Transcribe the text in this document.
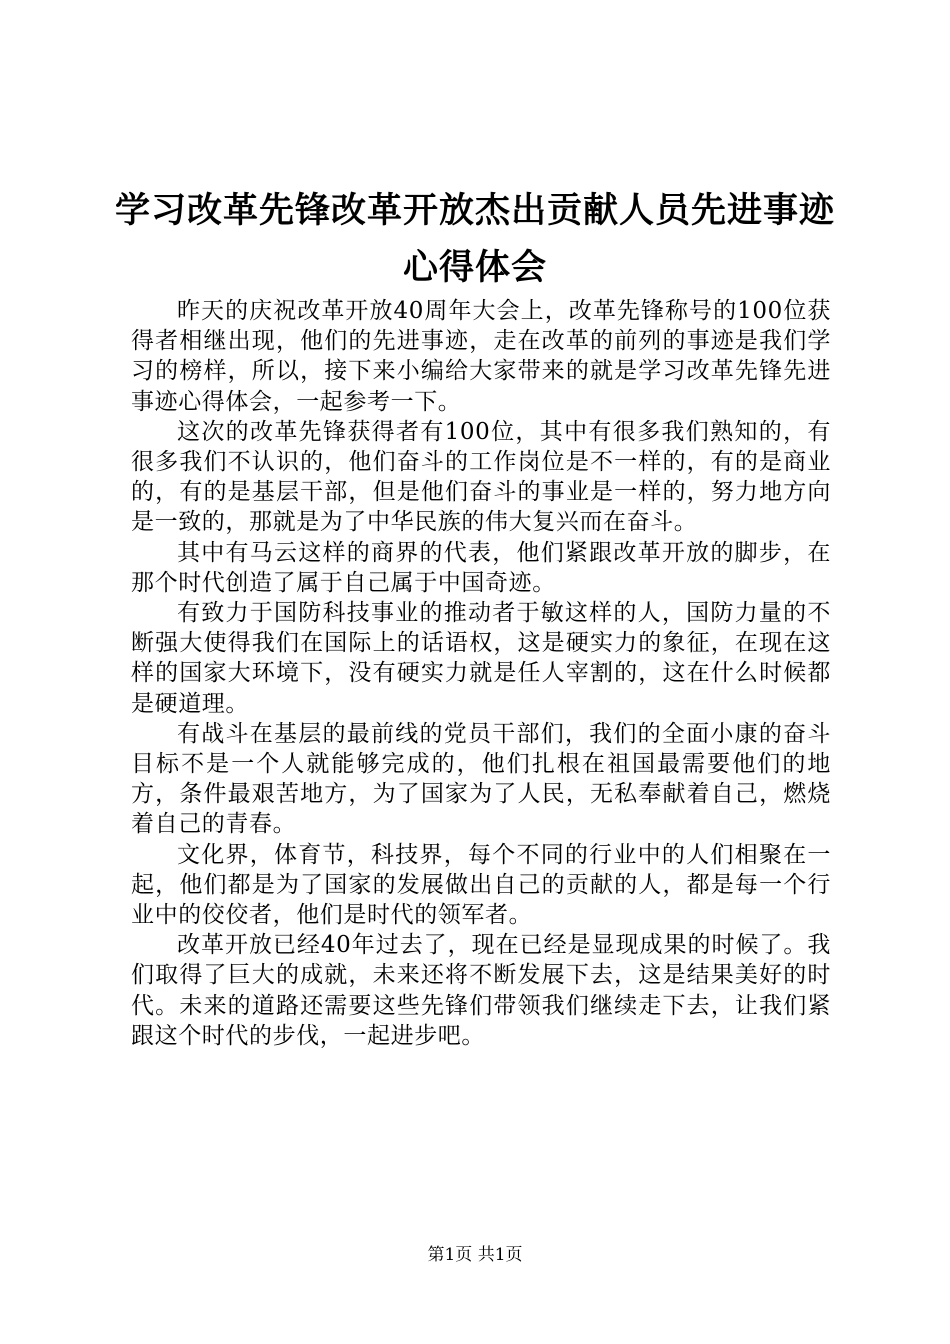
学习改革先锋改革开放杰出贡献人员先进事迹
心得体会

昨天的庆祝改革开放40周年大会上，改革先锋称号的100位获得者相继出现，他们的先进事迹，走在改革的前列的事迹是我们学习的榜样，所以，接下来小编给大家带来的就是学习改革先锋先进事迹心得体会，一起参考一下。

这次的改革先锋获得者有100位，其中有很多我们熟知的，有很多我们不认识的，他们奋斗的工作岗位是不一样的，有的是商业的，有的是基层干部，但是他们奋斗的事业是一样的，努力地方向是一致的，那就是为了中华民族的伟大复兴而在奋斗。

其中有马云这样的商界的代表，他们紧跟改革开放的脚步，在那个时代创造了属于自己属于中国奇迹。

有致力于国防科技事业的推动者于敏这样的人，国防力量的不断强大使得我们在国际上的话语权，这是硬实力的象征，在现在这样的国家大环境下，没有硬实力就是任人宰割的，这在什么时候都是硬道理。

有战斗在基层的最前线的党员干部们，我们的全面小康的奋斗目标不是一个人就能够完成的，他们扎根在祖国最需要他们的地方，条件最艰苦地方，为了国家为了人民，无私奉献着自己，燃烧着自己的青春。

文化界，体育节，科技界，每个不同的行业中的人们相聚在一起，他们都是为了国家的发展做出自己的贡献的人，都是每一个行业中的佼佼者，他们是时代的领军者。

改革开放已经40年过去了，现在已经是显现成果的时候了。我们取得了巨大的成就，未来还将不断发展下去，这是结果美好的时代。未来的道路还需要这些先锋们带领我们继续走下去，让我们紧跟这个时代的步伐，一起进步吧。

第1页 共1页
